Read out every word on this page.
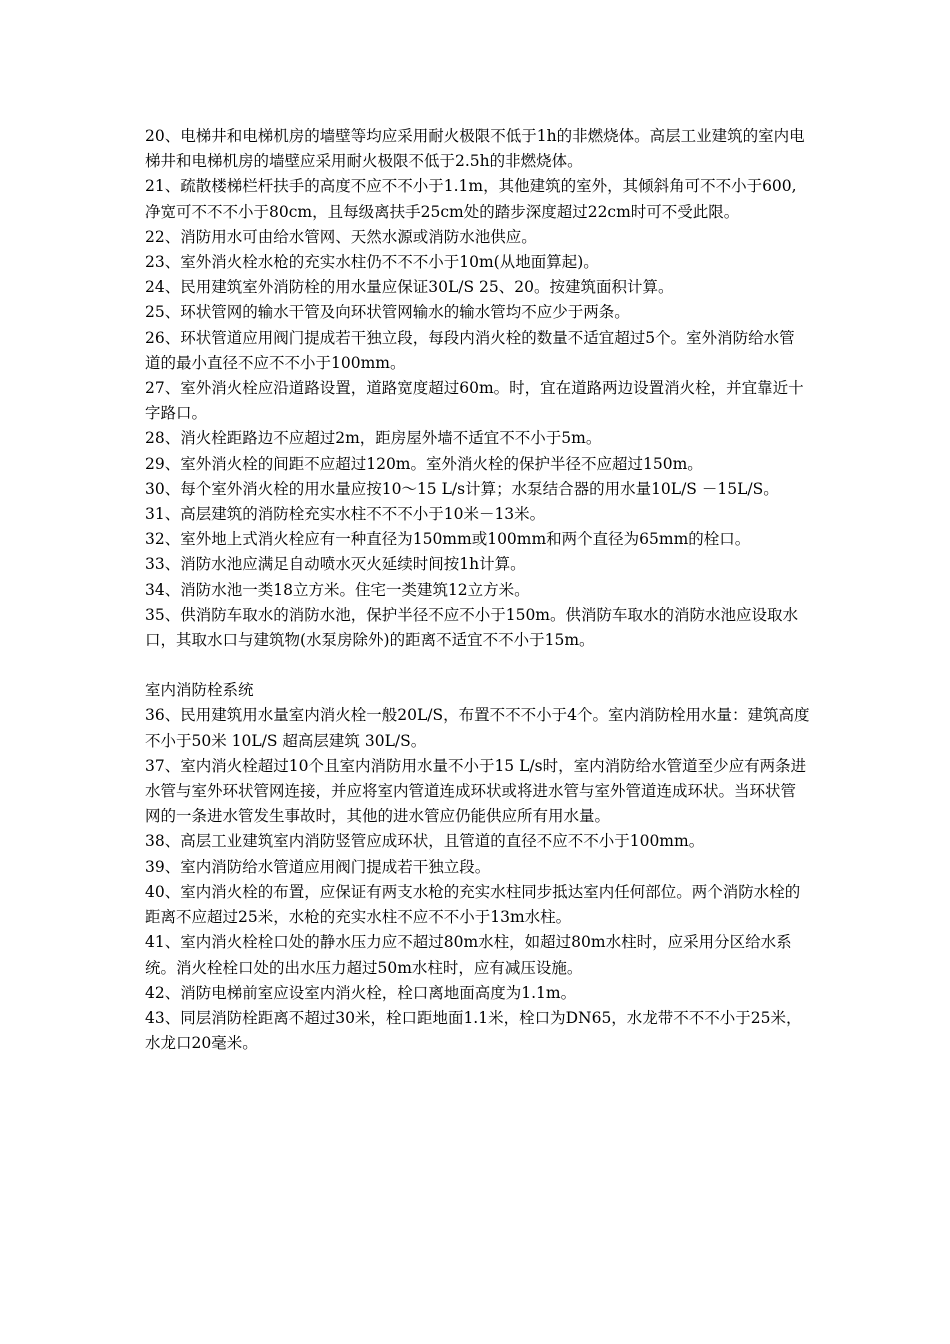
20、电梯井和电梯机房的墙壁等均应采用耐火极限不低于1h的非燃烧体。高层工业建筑的室内电梯井和电梯机房的墙壁应采用耐火极限不低于2.5h的非燃烧体。

21、疏散楼梯栏杆扶手的高度不应不不小于1.1m，其他建筑的室外，其倾斜角可不不小于600,净宽可不不不小于80cm，且每级离扶手25cm处的踏步深度超过22cm时可不受此限。

22、消防用水可由给水管网、天然水源或消防水池供应。

23、室外消火栓水枪的充实水柱仍不不不小于10m(从地面算起)。

24、民用建筑室外消防栓的用水量应保证30L/S 25、20。按建筑面积计算。

25、环状管网的输水干管及向环状管网输水的输水管均不应少于两条。

26、环状管道应用阀门提成若干独立段，每段内消火栓的数量不适宜超过5个。室外消防给水管道的最小直径不应不不小于100mm。

27、室外消火栓应沿道路设置，道路宽度超过60m。时，宜在道路两边设置消火栓，并宜靠近十字路口。

28、消火栓距路边不应超过2m，距房屋外墙不适宜不不小于5m。

29、室外消火栓的间距不应超过120m。室外消火栓的保护半径不应超过150m。

30、每个室外消火栓的用水量应按10～15 L/s计算；水泵结合器的用水量10L/S －15L/S。

31、高层建筑的消防栓充实水柱不不不小于10米－13米。

32、室外地上式消火栓应有一种直径为150mm或100mm和两个直径为65mm的栓口。

33、消防水池应满足自动喷水灭火延续时间按1h计算。

34、消防水池一类18立方米。住宅一类建筑12立方米。

35、供消防车取水的消防水池，保护半径不应不小于150m。供消防车取水的消防水池应设取水口，其取水口与建筑物(水泵房除外)的距离不适宜不不小于15m。

室内消防栓系统

36、民用建筑用水量室内消火栓一般20L/S，布置不不不小于4个。室内消防栓用水量：建筑高度不小于50米 10L/S 超高层建筑 30L/S。

37、室内消火栓超过10个且室内消防用水量不小于15 L/s时，室内消防给水管道至少应有两条进水管与室外环状管网连接，并应将室内管道连成环状或将进水管与室外管道连成环状。当环状管网的一条进水管发生事故时，其他的进水管应仍能供应所有用水量。

38、高层工业建筑室内消防竖管应成环状，且管道的直径不应不不小于100mm。

39、室内消防给水管道应用阀门提成若干独立段。

40、室内消火栓的布置，应保证有两支水枪的充实水柱同步抵达室内任何部位。两个消防水栓的距离不应超过25米，水枪的充实水柱不应不不小于13m水柱。

41、室内消火栓栓口处的静水压力应不超过80m水柱，如超过80m水柱时，应采用分区给水系统。消火栓栓口处的出水压力超过50m水柱时，应有减压设施。

42、消防电梯前室应设室内消火栓，栓口离地面高度为1.1m。

43、同层消防栓距离不超过30米，栓口距地面1.1米，栓口为DN65，水龙带不不不小于25米，水龙口20毫米。
